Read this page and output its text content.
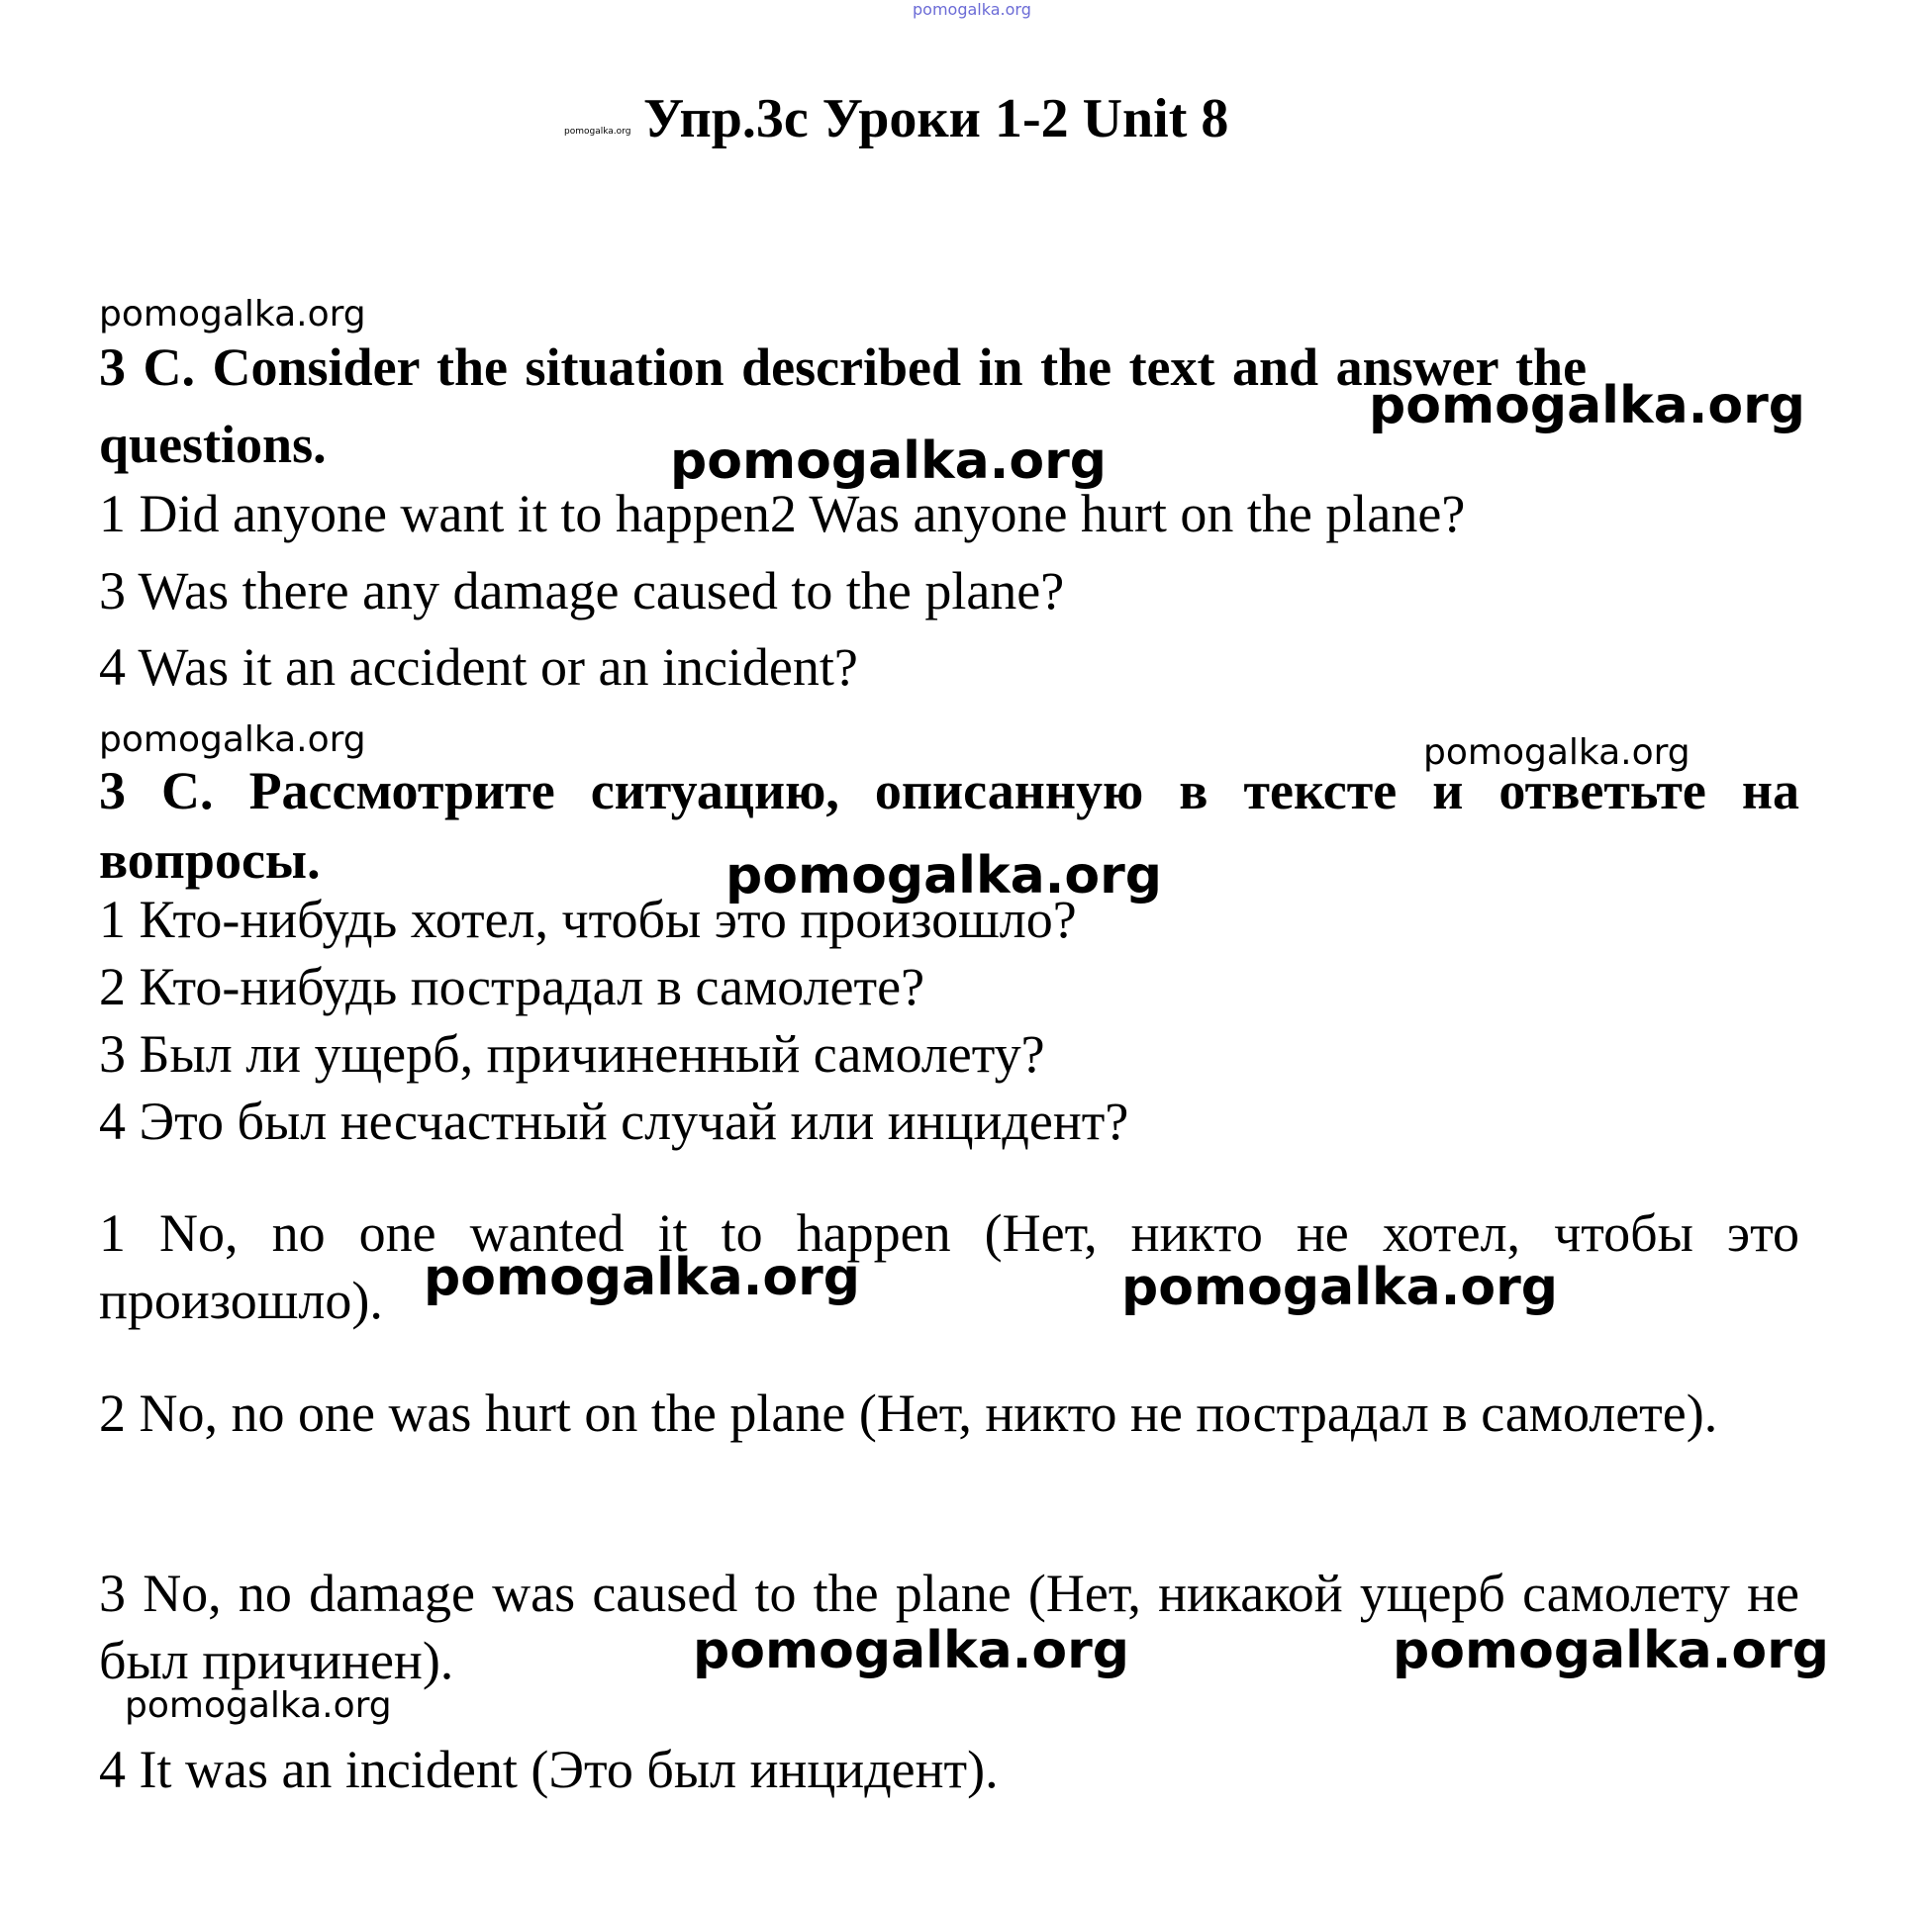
pomogalka.org
pomogalka.org Упр.3с Уроки 1-2 Unit 8
pomogalka.org
3 C. Consider the situation described in the text and answer the questions.
pomogalka.org
pomogalka.org
1 Did anyone want it to happen2 Was anyone hurt on the plane?
3 Was there any damage caused to the plane?
4 Was it an accident or an incident?
pomogalka.org	pomogalka.org
3 С. Рассмотрите ситуацию, описанную в тексте и ответьте на вопросы.	pomogalka.org
1 Кто-нибудь хотел, чтобы это произошло?
2 Кто-нибудь пострадал в самолете?
3 Был ли ущерб, причиненный самолету?
4 Это был несчастный случай или инцидент?
1 No, no one wanted it to happen (Нет, никто не хотел, чтобы это произошло). pomogalka.org	pomogalka.org
2 No, no one was hurt on the plane (Нет, никто не пострадал в самолете).
3 No, no damage was caused to the plane (Нет, никакой ущерб самолету не был причинен).	pomogalka.org	pomogalka.org
pomogalka.org
4 It was an incident (Это был инцидент).
